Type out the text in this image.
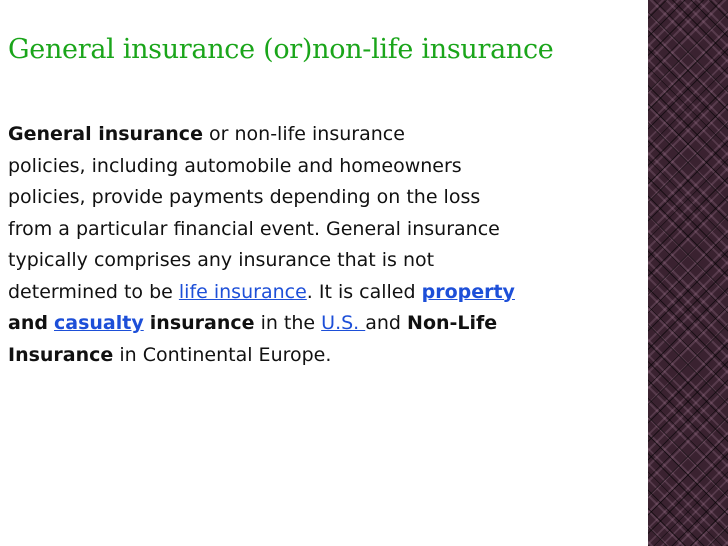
General insurance (or)non-life insurance
General insurance or non-life insurance
policies, including automobile and homeowners
policies, provide payments depending on the loss
from a particular financial event. General insurance
typically comprises any insurance that is not
determined to be life insurance. It is called property
and casualty insurance in the U.S. and Non-Life
Insurance in Continental Europe.
